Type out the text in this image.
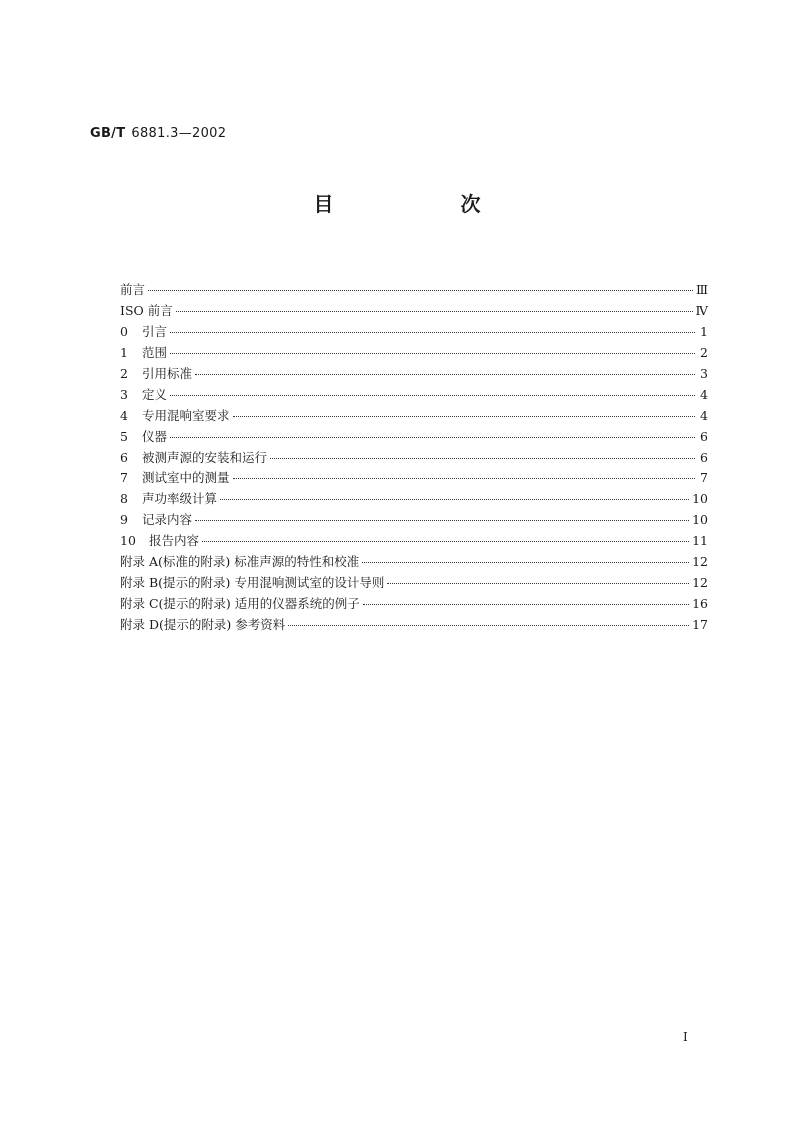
GB/T 6881.3—2002
目 次
前言	Ⅲ
ISO 前言	Ⅳ
0	引言	1
1	范围	2
2	引用标准	3
3	定义	4
4	专用混响室要求	4
5	仪器	6
6	被测声源的安装和运行	6
7	测试室中的测量	7
8	声功率级计算	10
9	记录内容	10
10	报告内容	11
附录 A(标准的附录) 标准声源的特性和校准	12
附录 B(提示的附录) 专用混响测试室的设计导则	12
附录 C(提示的附录) 适用的仪器系统的例子	16
附录 D(提示的附录) 参考资料	17
I
